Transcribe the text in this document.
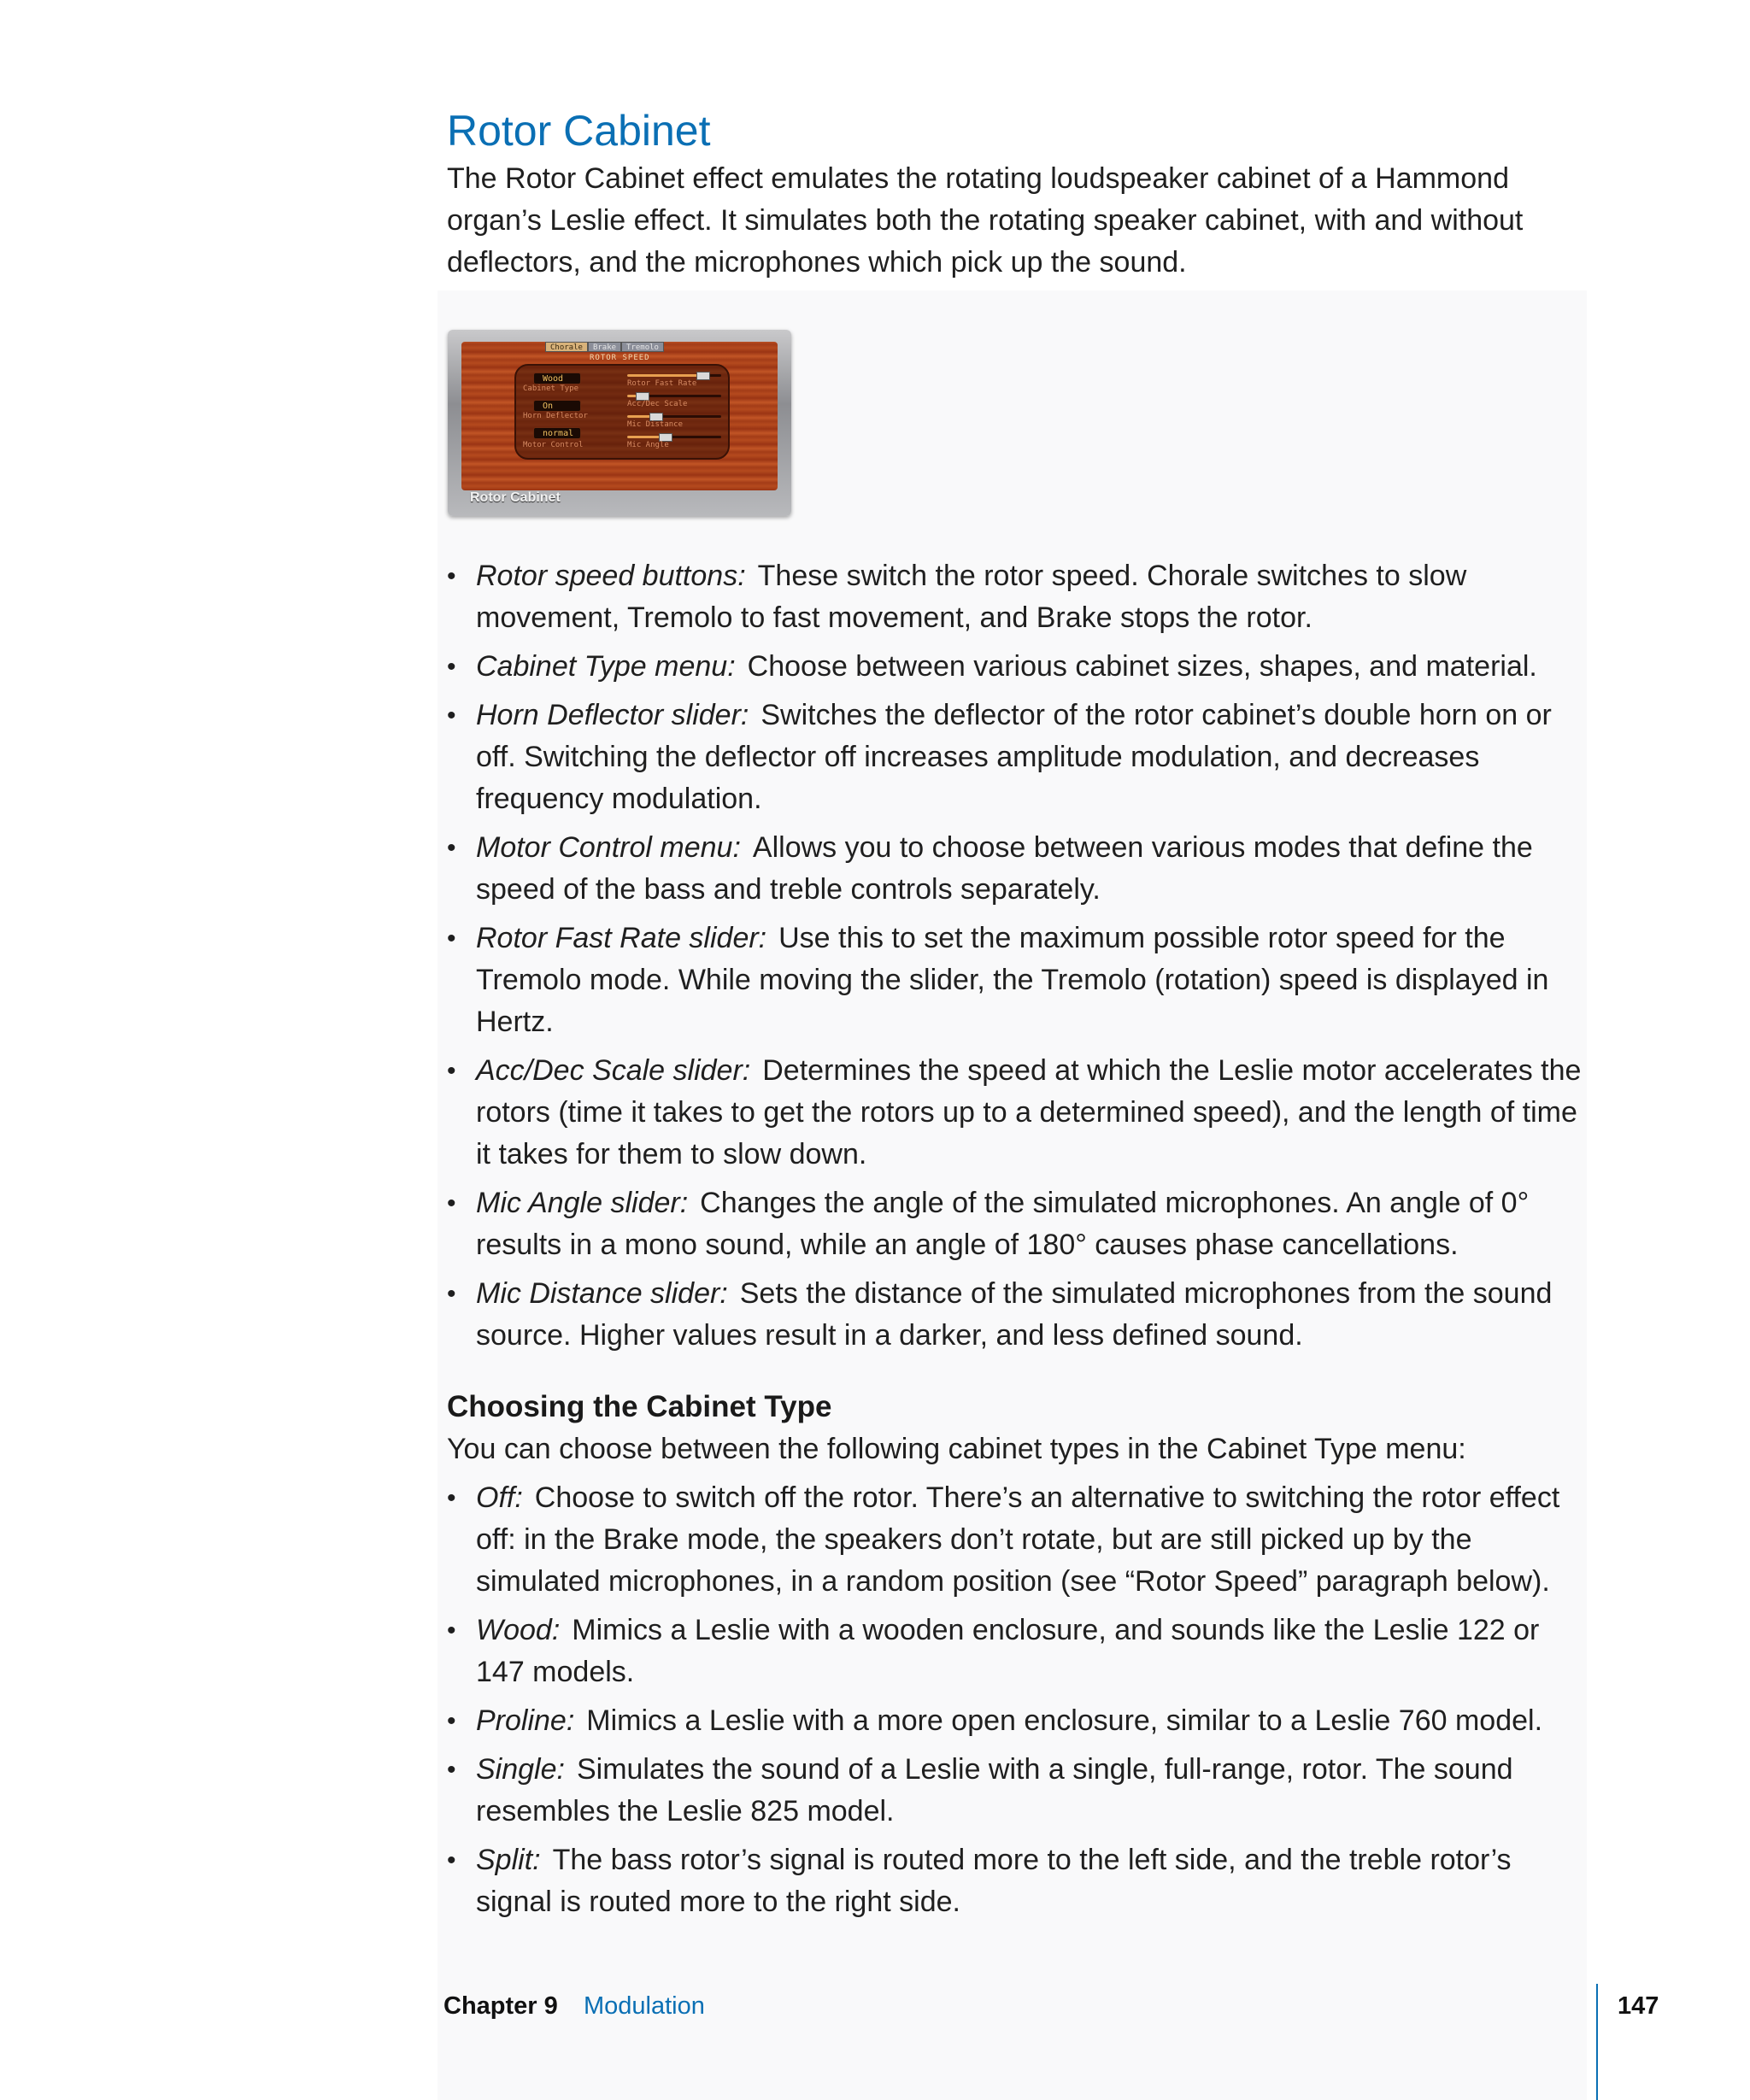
Rotor Cabinet

The Rotor Cabinet effect emulates the rotating loudspeaker cabinet of a Hammond organ’s Leslie effect. It simulates both the rotating speaker cabinet, with and without deflectors, and the microphones which pick up the sound.

• Rotor speed buttons: These switch the rotor speed. Chorale switches to slow movement, Tremolo to fast movement, and Brake stops the rotor.
• Cabinet Type menu: Choose between various cabinet sizes, shapes, and material.
• Horn Deflector slider: Switches the deflector of the rotor cabinet’s double horn on or off. Switching the deflector off increases amplitude modulation, and decreases frequency modulation.
• Motor Control menu: Allows you to choose between various modes that define the speed of the bass and treble controls separately.
• Rotor Fast Rate slider: Use this to set the maximum possible rotor speed for the Tremolo mode. While moving the slider, the Tremolo (rotation) speed is displayed in Hertz.
• Acc/Dec Scale slider: Determines the speed at which the Leslie motor accelerates the rotors (time it takes to get the rotors up to a determined speed), and the length of time it takes for them to slow down.
• Mic Angle slider: Changes the angle of the simulated microphones. An angle of 0° results in a mono sound, while an angle of 180° causes phase cancellations.
• Mic Distance slider: Sets the distance of the simulated microphones from the sound source. Higher values result in a darker, and less defined sound.
Choosing the Cabinet Type

You can choose between the following cabinet types in the Cabinet Type menu:

• Off: Choose to switch off the rotor. There’s an alternative to switching the rotor effect off: in the Brake mode, the speakers don’t rotate, but are still picked up by the simulated microphones, in a random position (see “Rotor Speed” paragraph below).
• Wood: Mimics a Leslie with a wooden enclosure, and sounds like the Leslie 122 or 147 models.
• Proline: Mimics a Leslie with a more open enclosure, similar to a Leslie 760 model.
• Single: Simulates the sound of a Leslie with a single, full-range, rotor. The sound resembles the Leslie 825 model.
• Split: The bass rotor’s signal is routed more to the left side, and the treble rotor’s signal is routed more to the right side.
Chorale	Brake	Tremolo
ROTOR SPEED
Wood
Cabinet Type
On
Horn Deflector
normal
Motor Control
Rotor Fast Rate
Acc/Dec Scale
Mic Distance
Mic Angle
Rotor Cabinet
Chapter 9 Modulation	147
